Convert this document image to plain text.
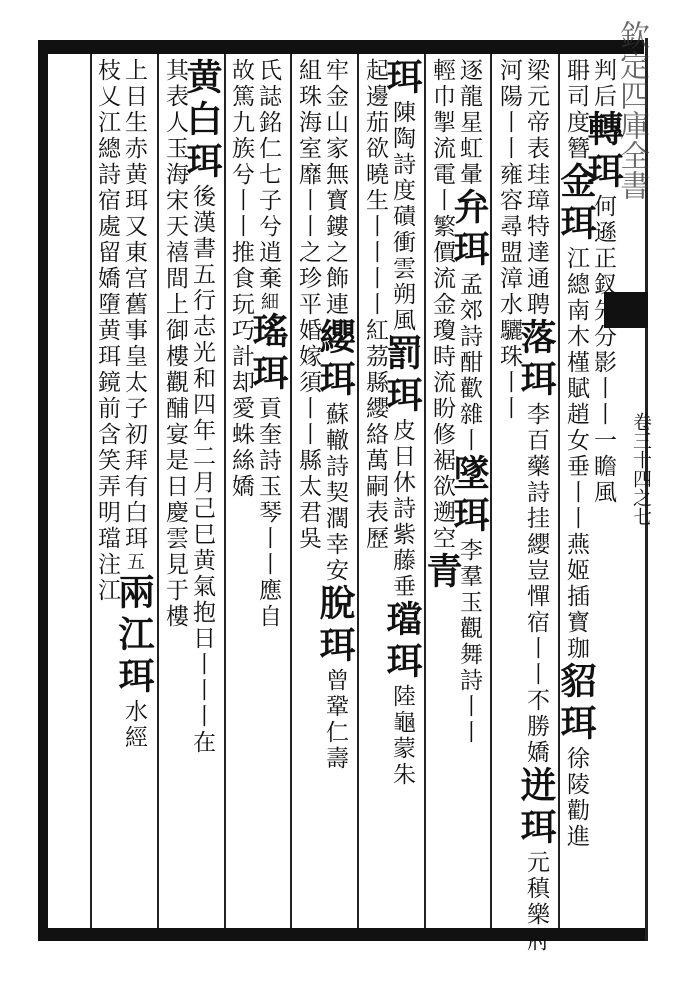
欽定四庫全書
卷三十四之七
判后轉珥何遜正釵先分影丨丨一瞻風
耼司度簪金珥江總南木槿賦趙女垂丨丨燕姬插寳珈貂珥徐陵勸進
梁元帝表珪璋特達通聘落珥李百藥詩挂纓豈憚宿丨丨不勝嬌迸珥元稹樂府
河陽丨丨雍容尋盟漳水驪珠丨丨
逐龍星虹暈弁珥孟郊詩酣歡雜丨墜珥李羣玉觀舞詩丨丨
輕巾掣流電丨繁價流金瓊時流盼修裾欲遡空青
珥陳陶詩度磧衝雲朔風罰珥皮日休詩紫藤垂璫珥陸龜蒙朱
起邊茄欲曉生丨丨丨丨紅茘縣纓絡萬嗣表歷
牢金山家無寳鏤之飾連纓珥蘇轍詩契濶幸安脫珥曾鞏仁壽
組珠海室靡丨丨之珍平婚嫁須丨丨縣太君吳
氏誌銘仁七子兮逍棄細瑤珥貢奎詩玉琴丨丨應自
故篤九族兮丨丨推食玩巧計却愛蛛絲嬌
黄白珥後漢書五行志光和四年二月己巳黄氣抱日丨丨丨在
其表人玉海宋天禧間上御樓觀酺宴是日慶雲見于樓
上日生赤黄珥又東宫舊事皇太子初拜有白珥五兩江珥水經
枝乂江總詩宿處留嬌墮黄珥鏡前含笑弄明璫注江
